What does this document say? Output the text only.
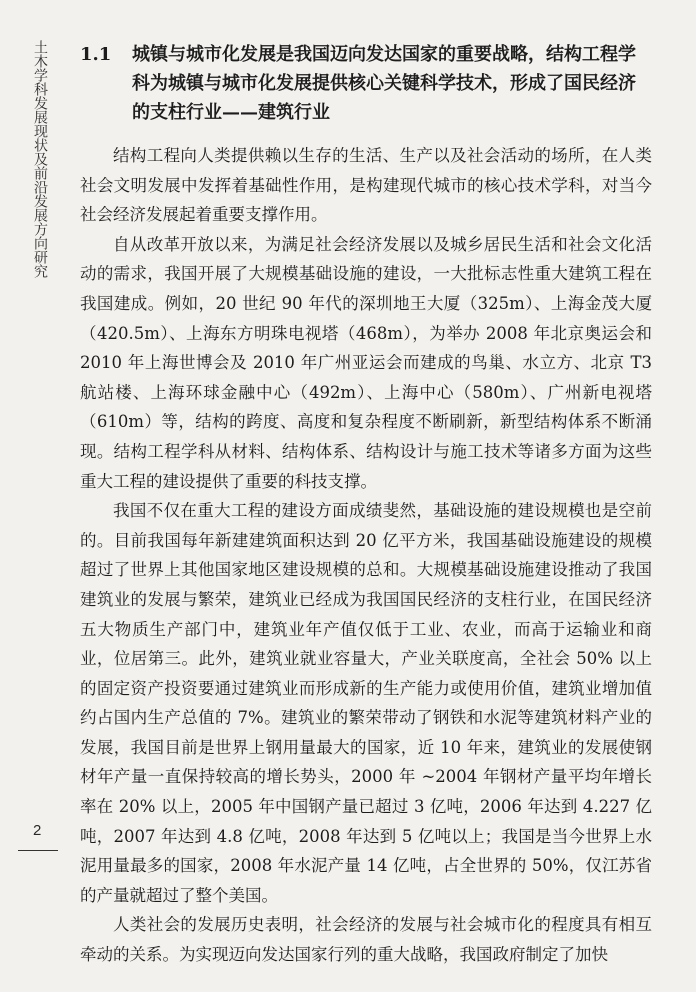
土木学科发展现状及前沿发展方向研究 1.1	城镇与城市化发展是我国迈向发达国家的重要战略，结构工程学科为城镇与城市化发展提供核心关键科学技术，形成了国民经济的支柱行业——建筑行业

结构工程向人类提供赖以生存的生活、生产以及社会活动的场所，在人类社会文明发展中发挥着基础性作用，是构建现代城市的核心技术学科，对当今社会经济发展起着重要支撑作用。

自从改革开放以来，为满足社会经济发展以及城乡居民生活和社会文化活动的需求，我国开展了大规模基础设施的建设，一大批标志性重大建筑工程在我国建成。例如，20 世纪 90 年代的深圳地王大厦（325m）、上海金茂大厦（420.5m）、上海东方明珠电视塔（468m），为举办 2008 年北京奥运会和 2010 年上海世博会及 2010 年广州亚运会而建成的鸟巢、水立方、北京 T3 航站楼、上海环球金融中心（492m）、上海中心（580m）、广州新电视塔（610m）等，结构的跨度、高度和复杂程度不断刷新，新型结构体系不断涌现。结构工程学科从材料、结构体系、结构设计与施工技术等诸多方面为这些重大工程的建设提供了重要的科技支撑。

我国不仅在重大工程的建设方面成绩斐然，基础设施的建设规模也是空前的。目前我国每年新建建筑面积达到 20 亿平方米，我国基础设施建设的规模超过了世界上其他国家地区建设规模的总和。大规模基础设施建设推动了我国建筑业的发展与繁荣，建筑业已经成为我国国民经济的支柱行业，在国民经济五大物质生产部门中，建筑业年产值仅低于工业、农业，而高于运输业和商业，位居第三。此外，建筑业就业容量大，产业关联度高，全社会 50% 以上的固定资产投资要通过建筑业而形成新的生产能力或使用价值，建筑业增加值约占国内生产总值的 7%。建筑业的繁荣带动了钢铁和水泥等建筑材料产业的发展，我国目前是世界上钢用量最大的国家，近 10 年来，建筑业的发展使钢材年产量一直保持较高的增长势头，2000 年 ~2004 年钢材产量平均年增长率在 20% 以上，2005 年中国钢产量已超过 3 亿吨，2006 年达到 4.227 亿吨，2007 年达到 4.8 亿吨，2008 年达到 5 亿吨以上；我国是当今世界上水泥用量最多的国家，2008 年水泥产量 14 亿吨，占全世界的 50%，仅江苏省的产量就超过了整个美国。

人类社会的发展历史表明，社会经济的发展与社会城市化的程度具有相互牵动的关系。为实现迈向发达国家行列的重大战略，我国政府制定了加快

2
